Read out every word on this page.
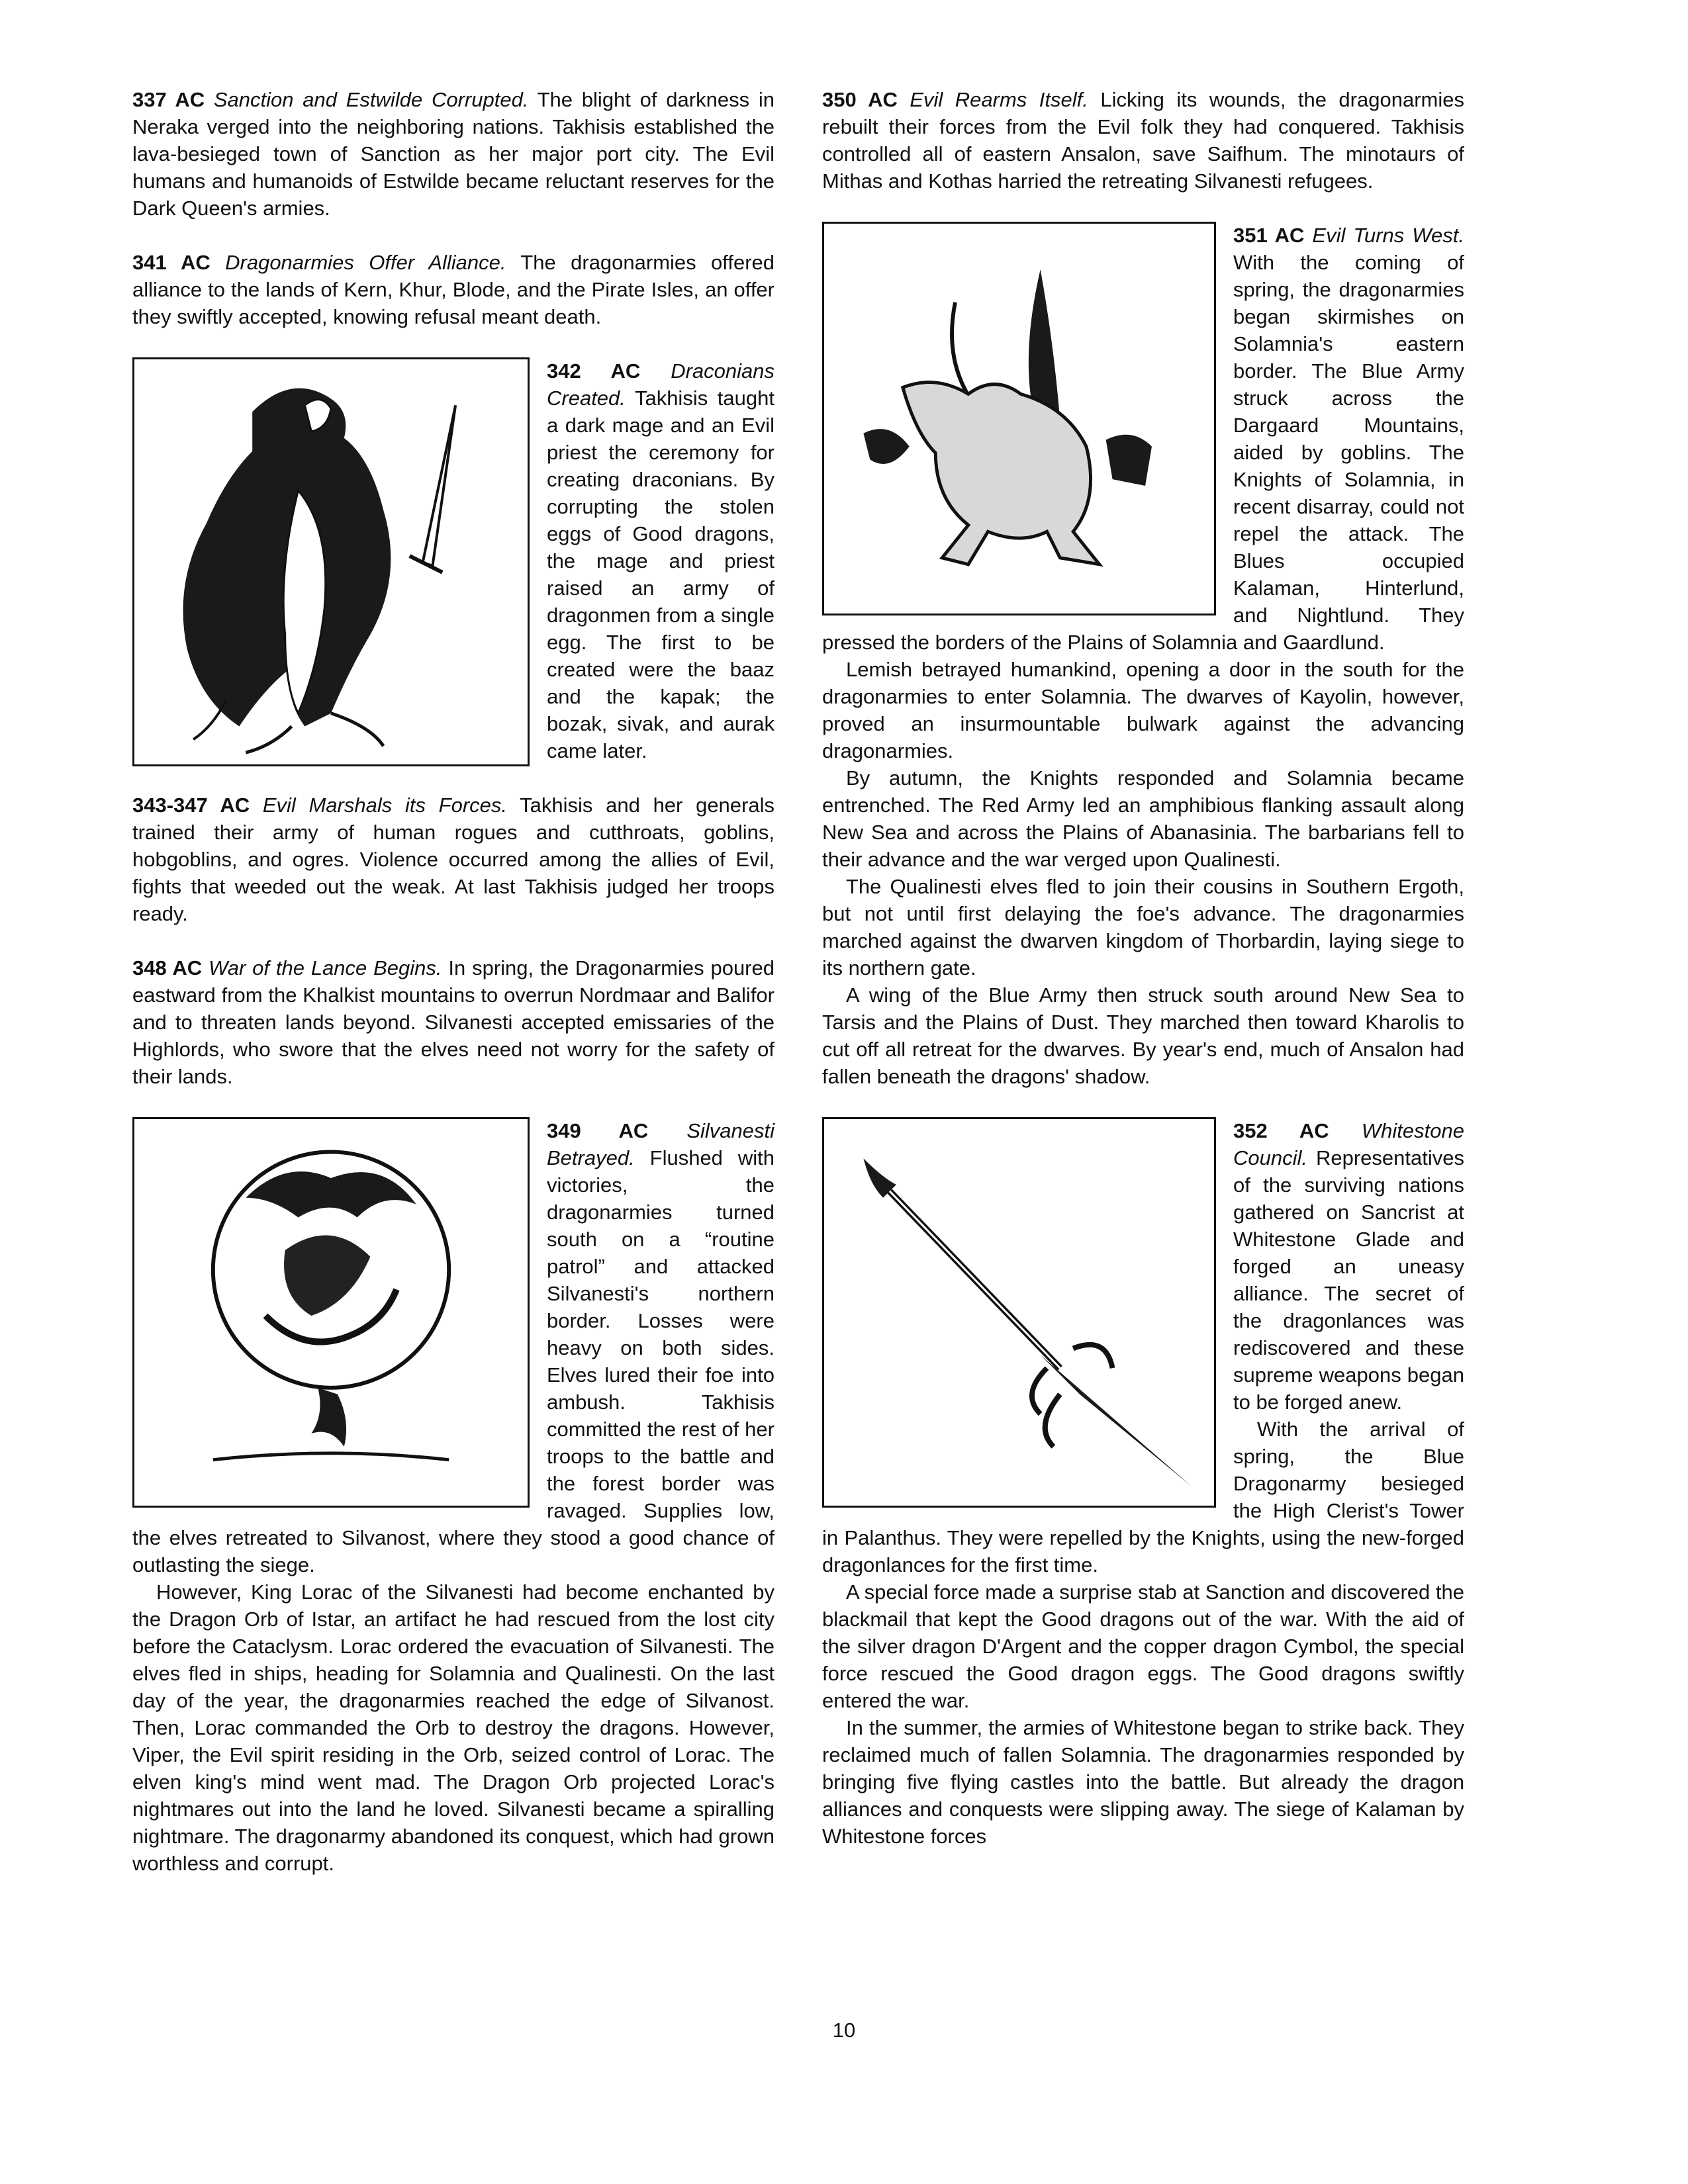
337 AC Sanction and Estwilde Corrupted. The blight of darkness in Neraka verged into the neighboring nations. Takhisis established the lava-besieged town of Sanction as her major port city. The Evil humans and humanoids of Estwilde became reluctant reserves for the Dark Queen's armies.

341 AC Dragonarmies Offer Alliance. The dragonarmies offered alliance to the lands of Kern, Khur, Blode, and the Pirate Isles, an offer they swiftly accepted, knowing refusal meant death.

342 AC Draconians Created. Takhisis taught a dark mage and an Evil priest the ceremony for creating draconians. By corrupting the stolen eggs of Good dragons, the mage and priest raised an army of dragonmen from a single egg. The first to be created were the baaz and the kapak; the bozak, sivak, and aurak came later.

343-347 AC Evil Marshals its Forces. Takhisis and her generals trained their army of human rogues and cutthroats, goblins, hobgoblins, and ogres. Violence occurred among the allies of Evil, fights that weeded out the weak. At last Takhisis judged her troops ready.

348 AC War of the Lance Begins. In spring, the Dragonarmies poured eastward from the Khalkist mountains to overrun Nordmaar and Balifor and to threaten lands beyond. Silvanesti accepted emissaries of the Highlords, who swore that the elves need not worry for the safety of their lands.

349 AC Silvanesti Betrayed. Flushed with victories, the dragonarmies turned south on a “routine patrol” and attacked Silvanesti's northern border. Losses were heavy on both sides. Elves lured their foe into ambush. Takhisis committed the rest of her troops to the battle and the forest border was ravaged. Supplies low, the elves retreated to Silvanost, where they stood a good chance of outlasting the siege.

However, King Lorac of the Silvanesti had become enchanted by the Dragon Orb of Istar, an artifact he had rescued from the lost city before the Cataclysm. Lorac ordered the evacuation of Silvanesti. The elves fled in ships, heading for Solamnia and Qualinesti. On the last day of the year, the dragonarmies reached the edge of Silvanost. Then, Lorac commanded the Orb to destroy the dragons. However, Viper, the Evil spirit residing in the Orb, seized control of Lorac. The elven king's mind went mad. The Dragon Orb projected Lorac's nightmares out into the land he loved. Silvanesti became a spiralling nightmare. The dragonarmy abandoned its conquest, which had grown worthless and corrupt.

350 AC Evil Rearms Itself. Licking its wounds, the dragonarmies rebuilt their forces from the Evil folk they had conquered. Takhisis controlled all of eastern Ansalon, save Saifhum. The minotaurs of Mithas and Kothas harried the retreating Silvanesti refugees.

351 AC Evil Turns West. With the coming of spring, the dragonarmies began skirmishes on Solamnia's eastern border. The Blue Army struck across the Dargaard Mountains, aided by goblins. The Knights of Solamnia, in recent disarray, could not repel the attack. The Blues occupied Kalaman, Hinterlund, and Nightlund. They pressed the borders of the Plains of Solamnia and Gaardlund.

Lemish betrayed humankind, opening a door in the south for the dragonarmies to enter Solamnia. The dwarves of Kayolin, however, proved an insurmountable bulwark against the advancing dragonarmies.

By autumn, the Knights responded and Solamnia became entrenched. The Red Army led an amphibious flanking assault along New Sea and across the Plains of Abanasinia. The barbarians fell to their advance and the war verged upon Qualinesti.

The Qualinesti elves fled to join their cousins in Southern Ergoth, but not until first delaying the foe's advance. The dragonarmies marched against the dwarven kingdom of Thorbardin, laying siege to its northern gate.

A wing of the Blue Army then struck south around New Sea to Tarsis and the Plains of Dust. They marched then toward Kharolis to cut off all retreat for the dwarves. By year's end, much of Ansalon had fallen beneath the dragons' shadow.

352 AC Whitestone Council. Representatives of the surviving nations gathered on Sancrist at Whitestone Glade and forged an uneasy alliance. The secret of the dragonlances was rediscovered and these supreme weapons began to be forged anew.

With the arrival of spring, the Blue Dragonarmy besieged the High Clerist's Tower in Palanthus. They were repelled by the Knights, using the new-forged dragonlances for the first time.

A special force made a surprise stab at Sanction and discovered the blackmail that kept the Good dragons out of the war. With the aid of the silver dragon D'Argent and the copper dragon Cymbol, the special force rescued the Good dragon eggs. The Good dragons swiftly entered the war.

In the summer, the armies of Whitestone began to strike back. They reclaimed much of fallen Solamnia. The dragonarmies responded by bringing five flying castles into the battle. But already the dragon alliances and conquests were slipping away. The siege of Kalaman by Whitestone forces

10
